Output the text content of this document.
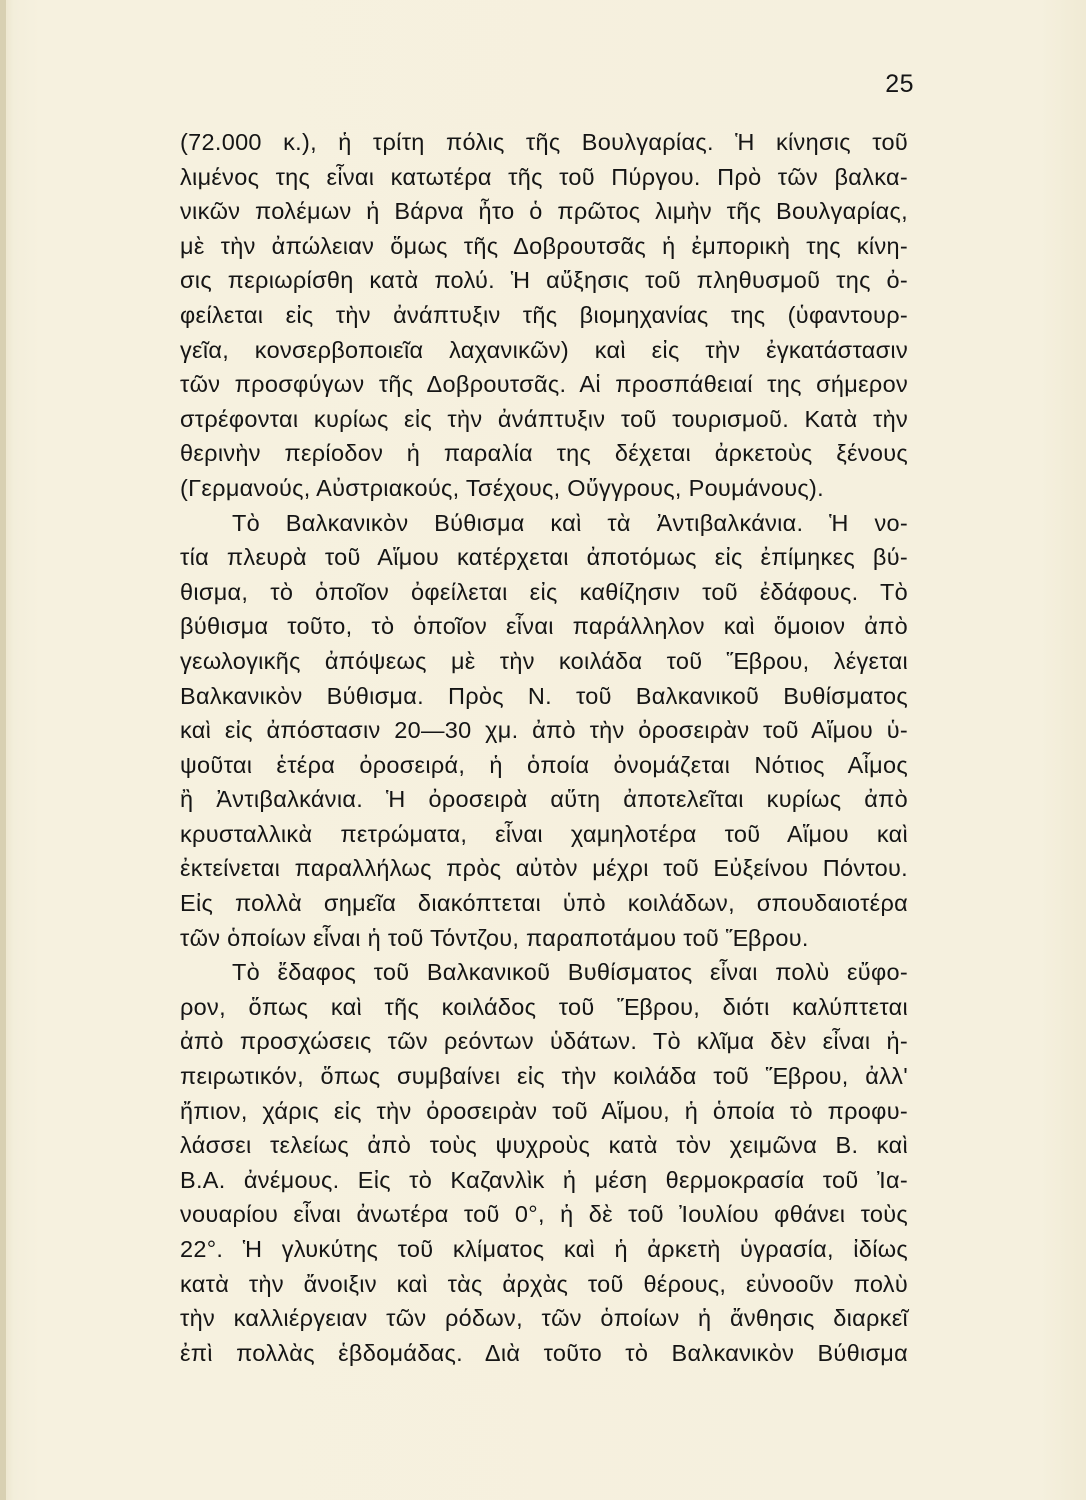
25
(72.000 κ.), ἡ τρίτη πόλις τῆς Βουλγαρίας. Ἡ κίνησις τοῦ
λιμένος της εἶναι κατωτέρα τῆς τοῦ Πύργου. Πρὸ τῶν βαλκα-
νικῶν πολέμων ἡ Βάρνα ἦτο ὁ πρῶτος λιμὴν τῆς Βουλγαρίας,
μὲ τὴν ἀπώλειαν ὅμως τῆς Δοβρουτσᾶς ἡ ἐμπορικὴ της κίνη-
σις περιωρίσθη κατὰ πολύ. Ἡ αὔξησις τοῦ πληθυσμοῦ της ὀ-
φείλεται εἰς τὴν ἀνάπτυξιν τῆς βιομηχανίας της (ὑφαντουρ-
γεῖα, κονσερβοποιεῖα λαχανικῶν) καὶ εἰς τὴν ἐγκατάστασιν
τῶν προσφύγων τῆς Δοβρουτσᾶς. Αἱ προσπάθειαί της σήμερον
στρέφονται κυρίως εἰς τὴν ἀνάπτυξιν τοῦ τουρισμοῦ. Κατὰ τὴν
θερινὴν περίοδον ἡ παραλία της δέχεται ἀρκετοὺς ξένους
(Γερμανούς, Αὐστριακούς, Τσέχους, Οὔγγρους, Ρουμάνους).
Τὸ Βαλκανικὸν Βύθισμα καὶ τὰ Ἀντιβαλκάνια. Ἡ νο-
τία πλευρὰ τοῦ Αἵμου κατέρχεται ἀποτόμως εἰς ἐπίμηκες βύ-
θισμα, τὸ ὁποῖον ὀφείλεται εἰς καθίζησιν τοῦ ἐδάφους. Τὸ
βύθισμα τοῦτο, τὸ ὁποῖον εἶναι παράλληλον καὶ ὅμοιον ἀπὸ
γεωλογικῆς ἀπόψεως μὲ τὴν κοιλάδα τοῦ Ἕβρου, λέγεται
Βαλκανικὸν Βύθισμα. Πρὸς Ν. τοῦ Βαλκανικοῦ Βυθίσματος
καὶ εἰς ἀπόστασιν 20—30 χμ. ἀπὸ τὴν ὀροσειρὰν τοῦ Αἵμου ὑ-
ψοῦται ἑτέρα ὀροσειρά, ἡ ὁποία ὀνομάζεται Νότιος Αἶμος
ἢ Ἀντιβαλκάνια. Ἡ ὀροσειρὰ αὕτη ἀποτελεῖται κυρίως ἀπὸ
κρυσταλλικὰ πετρώματα, εἶναι χαμηλοτέρα τοῦ Αἵμου καὶ
ἐκτείνεται παραλλήλως πρὸς αὐτὸν μέχρι τοῦ Εὐξείνου Πόντου.
Εἰς πολλὰ σημεῖα διακόπτεται ὑπὸ κοιλάδων, σπουδαιοτέρα
τῶν ὁποίων εἶναι ἡ τοῦ Τόντζου, παραποτάμου τοῦ Ἕβρου.
Τὸ ἔδαφος τοῦ Βαλκανικοῦ Βυθίσματος εἶναι πολὺ εὔφο-
ρον, ὅπως καὶ τῆς κοιλάδος τοῦ Ἕβρου, διότι καλύπτεται
ἀπὸ προσχώσεις τῶν ρεόντων ὑδάτων. Τὸ κλῖμα δὲν εἶναι ἠ-
πειρωτικόν, ὅπως συμβαίνει εἰς τὴν κοιλάδα τοῦ Ἕβρου, ἀλλ'
ἤπιον, χάρις εἰς τὴν ὀροσειρὰν τοῦ Αἵμου, ἡ ὁποία τὸ προφυ-
λάσσει τελείως ἀπὸ τοὺς ψυχροὺς κατὰ τὸν χειμῶνα Β. καὶ
Β.Α. ἀνέμους. Εἰς τὸ Καζανλὶκ ἡ μέση θερμοκρασία τοῦ Ἰα-
νουαρίου εἶναι ἀνωτέρα τοῦ 0°, ἡ δὲ τοῦ Ἰουλίου φθάνει τοὺς
22°. Ἡ γλυκύτης τοῦ κλίματος καὶ ἡ ἀρκετὴ ὑγρασία, ἰδίως
κατὰ τὴν ἄνοιξιν καὶ τὰς ἀρχὰς τοῦ θέρους, εὐνοοῦν πολὺ
τὴν καλλιέργειαν τῶν ρόδων, τῶν ὁποίων ἡ ἄνθησις διαρκεῖ
ἐπὶ πολλὰς ἑβδομάδας. Διὰ τοῦτο τὸ Βαλκανικὸν Βύθισμα
